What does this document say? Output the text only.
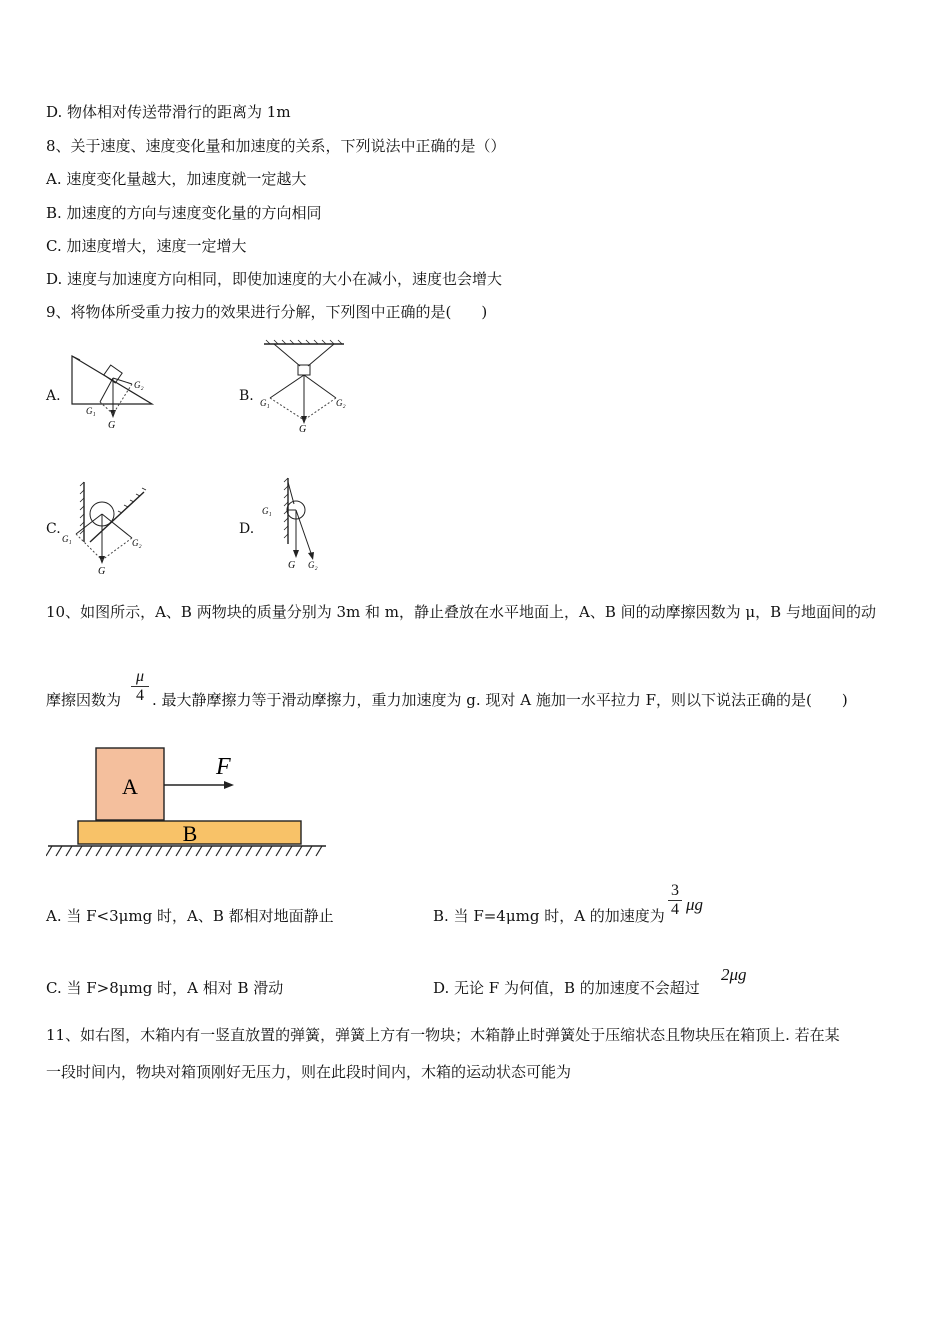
D. 物体相对传送带滑行的距离为 1m
8、关于速度、速度变化量和加速度的关系，下列说法中正确的是（）
A. 速度变化量越大，加速度就一定越大
B. 加速度的方向与速度变化量的方向相同
C. 加速度增大，速度一定增大
D. 速度与加速度方向相同，即使加速度的大小在减小，速度也会增大
9、将物体所受重力按力的效果进行分解，下列图中正确的是(　　)
A.
G₂
G₁
G
B. G₁	G₂
G
C.
G₁	G₂
G
D.
G₁
G G₂
10、如图所示，A、B 两物块的质量分别为 3m 和 m，静止叠放在水平地面上，A、B 间的动摩擦因数为 μ，B 与地面间的动
摩擦因数为 $\frac{\mu}{4}$ . 最大静摩擦力等于滑动摩擦力，重力加速度为 g. 现对 A 施加一水平拉力 F，则以下说法正确的是(　　)
A
B
F
A. 当 F<3μmg 时，A、B 都相对地面静止	B. 当 F=4μmg 时，A 的加速度为 $\frac{3}{4}$ μg
C. 当 F>8μmg 时，A 相对 B 滑动	D. 无论 F 为何值，B 的加速度不会超过
2μg
11、如右图，木箱内有一竖直放置的弹簧，弹簧上方有一物块；木箱静止时弹簧处于压缩状态且物块压在箱顶上. 若在某
一段时间内，物块对箱顶刚好无压力，则在此段时间内，木箱的运动状态可能为
